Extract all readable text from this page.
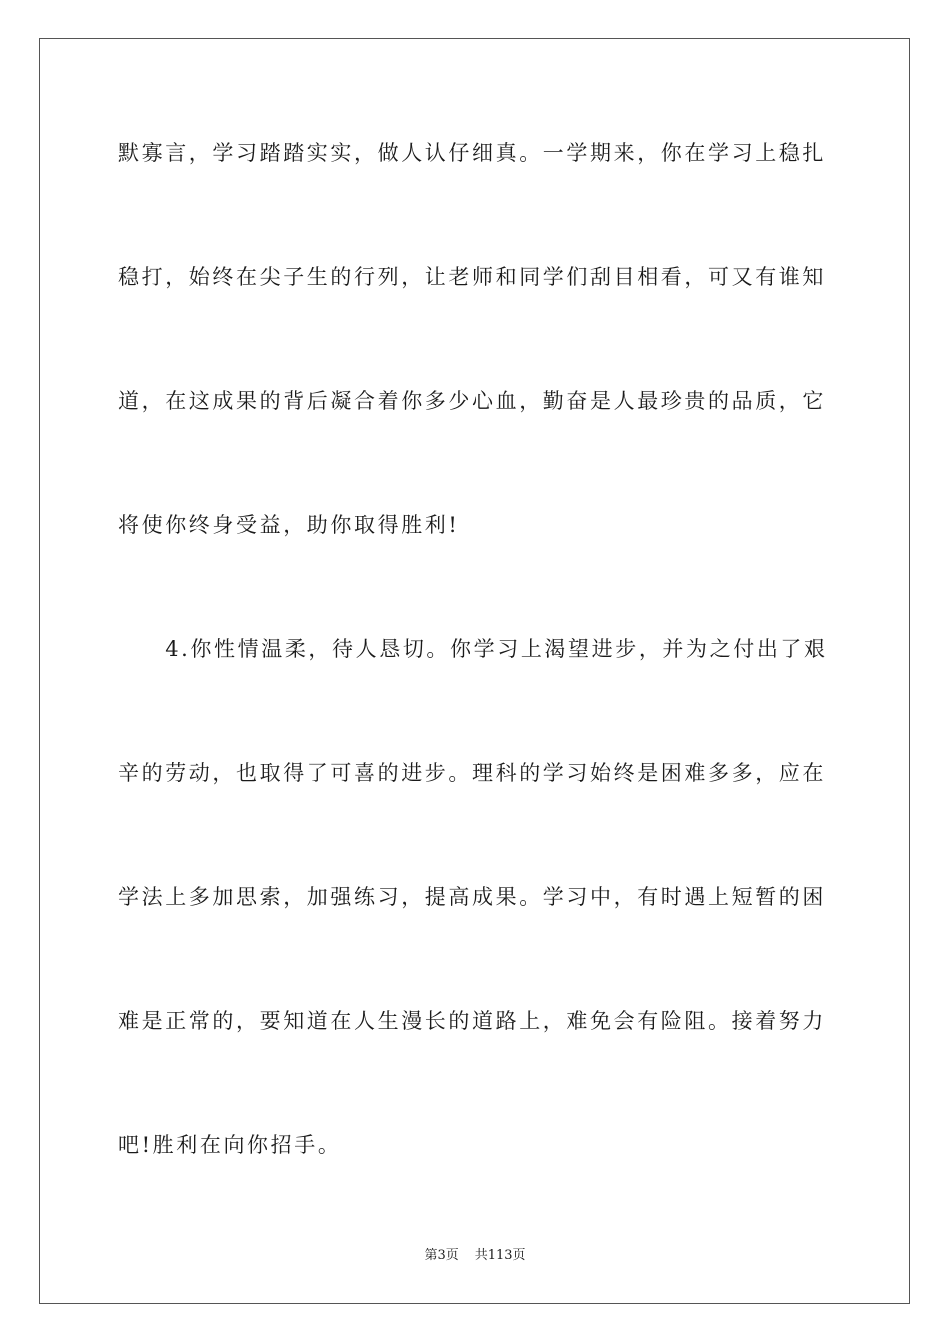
默寡言，学习踏踏实实，做人认仔细真。一学期来，你在学习上稳扎
稳打，始终在尖子生的行列，让老师和同学们刮目相看，可又有谁知
道，在这成果的背后凝合着你多少心血，勤奋是人最珍贵的品质，它
将使你终身受益，助你取得胜利!
　　4.你性情温柔，待人恳切。你学习上渴望进步，并为之付出了艰
辛的劳动，也取得了可喜的进步。理科的学习始终是困难多多，应在
学法上多加思索，加强练习，提高成果。学习中，有时遇上短暂的困
难是正常的，要知道在人生漫长的道路上，难免会有险阻。接着努力
吧!胜利在向你招手。
第3页 共113页
